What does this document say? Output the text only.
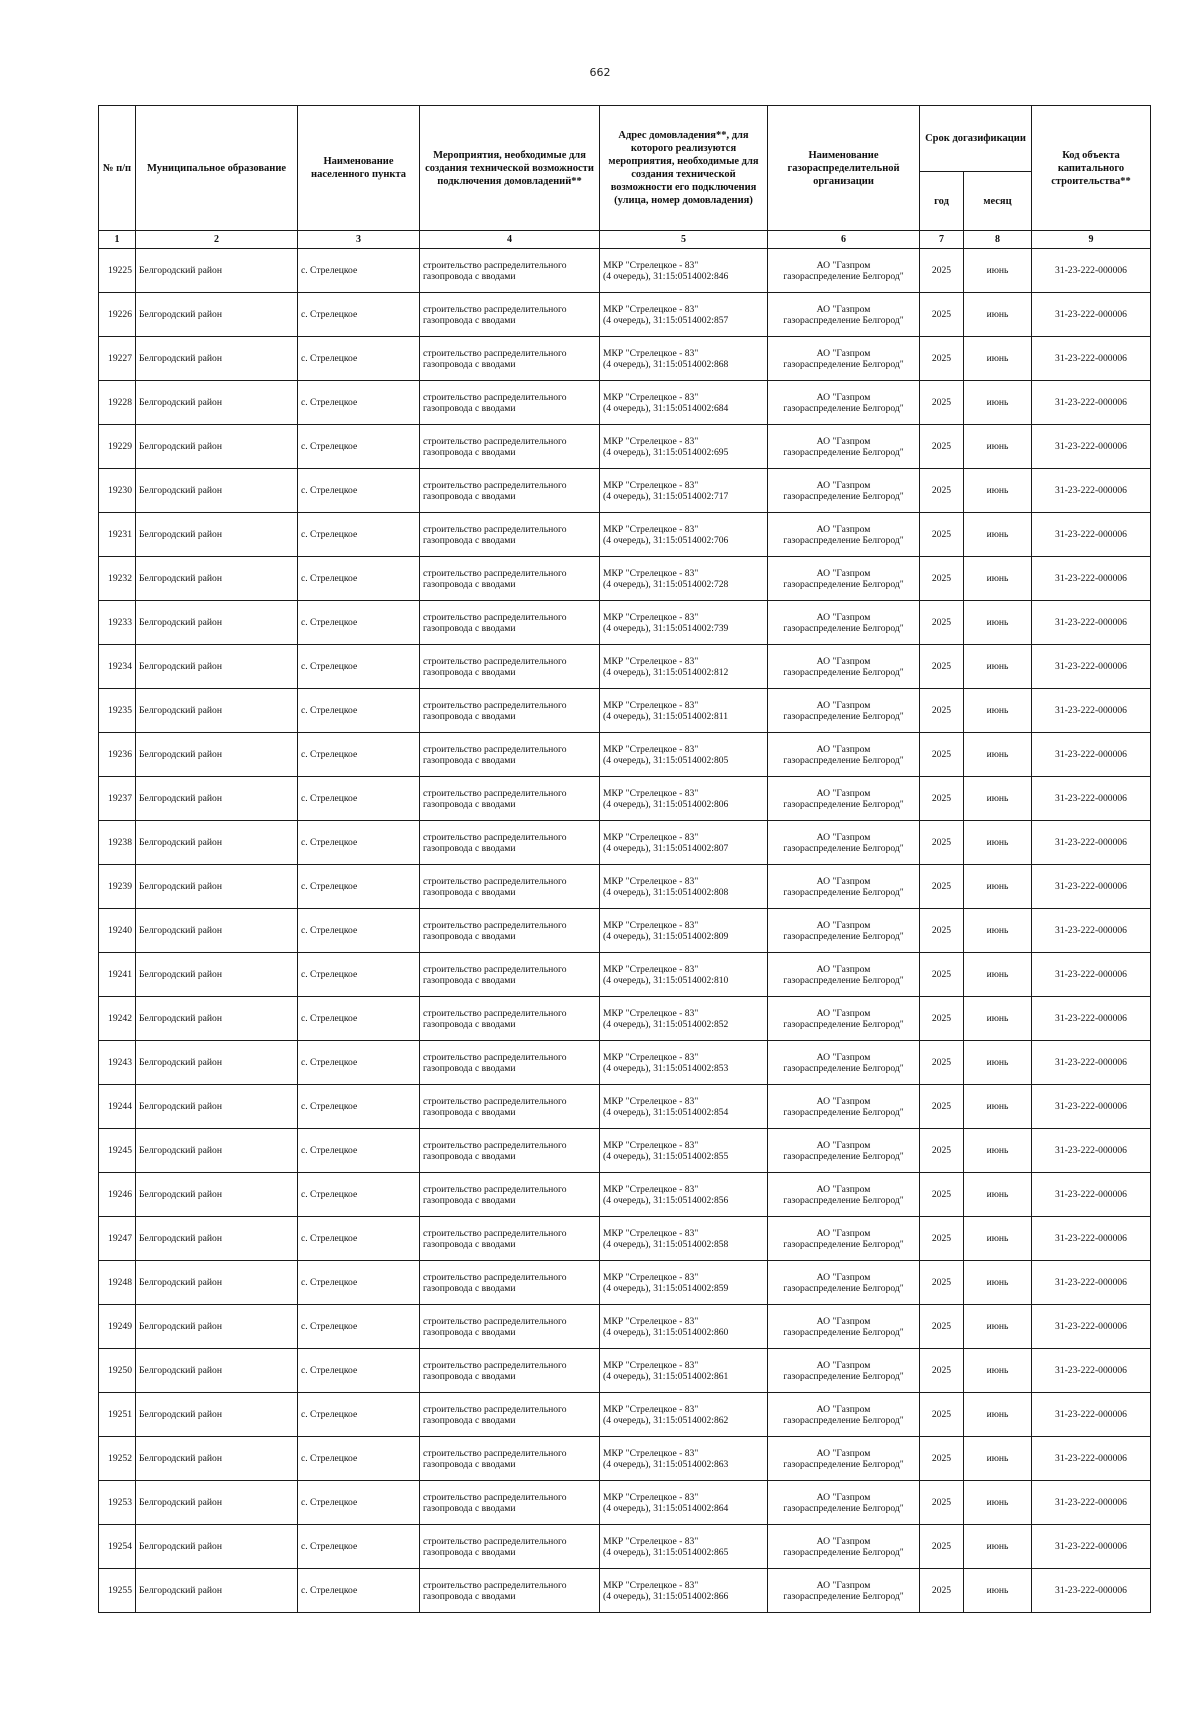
662
№ п/п	Муниципальное образование	Наименование населенного пункта	Мероприятия, необходимые для создания технической возможности подключения домовладений**	Адрес домовладения**, для которого реализуются мероприятия, необходимые для создания технической возможности его подключения (улица, номер домовладения)	Наименование газораспределительной организации	Срок догазификации		Код объекта капитального строительства**
						год	месяц	
1	2	3	4	5	6	7	8	9
19225	Белгородский район	с. Стрелецкое	строительство распределительного газопровода с вводами	МКР "Стрелецкое - 83"
(4 очередь), 31:15:0514002:846	АО "Газпром
газораспределение Белгород"	2025	июнь	31-23-222-000006
19226	Белгородский район	с. Стрелецкое	строительство распределительного газопровода с вводами	МКР "Стрелецкое - 83"
(4 очередь), 31:15:0514002:857	АО "Газпром
газораспределение Белгород"	2025	июнь	31-23-222-000006
19227	Белгородский район	с. Стрелецкое	строительство распределительного газопровода с вводами	МКР "Стрелецкое - 83"
(4 очередь), 31:15:0514002:868	АО "Газпром
газораспределение Белгород"	2025	июнь	31-23-222-000006
19228	Белгородский район	с. Стрелецкое	строительство распределительного газопровода с вводами	МКР "Стрелецкое - 83"
(4 очередь), 31:15:0514002:684	АО "Газпром
газораспределение Белгород"	2025	июнь	31-23-222-000006
19229	Белгородский район	с. Стрелецкое	строительство распределительного газопровода с вводами	МКР "Стрелецкое - 83"
(4 очередь), 31:15:0514002:695	АО "Газпром
газораспределение Белгород"	2025	июнь	31-23-222-000006
19230	Белгородский район	с. Стрелецкое	строительство распределительного газопровода с вводами	МКР "Стрелецкое - 83"
(4 очередь), 31:15:0514002:717	АО "Газпром
газораспределение Белгород"	2025	июнь	31-23-222-000006
19231	Белгородский район	с. Стрелецкое	строительство распределительного газопровода с вводами	МКР "Стрелецкое - 83"
(4 очередь), 31:15:0514002:706	АО "Газпром
газораспределение Белгород"	2025	июнь	31-23-222-000006
19232	Белгородский район	с. Стрелецкое	строительство распределительного газопровода с вводами	МКР "Стрелецкое - 83"
(4 очередь), 31:15:0514002:728	АО "Газпром
газораспределение Белгород"	2025	июнь	31-23-222-000006
19233	Белгородский район	с. Стрелецкое	строительство распределительного газопровода с вводами	МКР "Стрелецкое - 83"
(4 очередь), 31:15:0514002:739	АО "Газпром
газораспределение Белгород"	2025	июнь	31-23-222-000006
19234	Белгородский район	с. Стрелецкое	строительство распределительного газопровода с вводами	МКР "Стрелецкое - 83"
(4 очередь), 31:15:0514002:812	АО "Газпром
газораспределение Белгород"	2025	июнь	31-23-222-000006
19235	Белгородский район	с. Стрелецкое	строительство распределительного газопровода с вводами	МКР "Стрелецкое - 83"
(4 очередь), 31:15:0514002:811	АО "Газпром
газораспределение Белгород"	2025	июнь	31-23-222-000006
19236	Белгородский район	с. Стрелецкое	строительство распределительного газопровода с вводами	МКР "Стрелецкое - 83"
(4 очередь), 31:15:0514002:805	АО "Газпром
газораспределение Белгород"	2025	июнь	31-23-222-000006
19237	Белгородский район	с. Стрелецкое	строительство распределительного газопровода с вводами	МКР "Стрелецкое - 83"
(4 очередь), 31:15:0514002:806	АО "Газпром
газораспределение Белгород"	2025	июнь	31-23-222-000006
19238	Белгородский район	с. Стрелецкое	строительство распределительного газопровода с вводами	МКР "Стрелецкое - 83"
(4 очередь), 31:15:0514002:807	АО "Газпром
газораспределение Белгород"	2025	июнь	31-23-222-000006
19239	Белгородский район	с. Стрелецкое	строительство распределительного газопровода с вводами	МКР "Стрелецкое - 83"
(4 очередь), 31:15:0514002:808	АО "Газпром
газораспределение Белгород"	2025	июнь	31-23-222-000006
19240	Белгородский район	с. Стрелецкое	строительство распределительного газопровода с вводами	МКР "Стрелецкое - 83"
(4 очередь), 31:15:0514002:809	АО "Газпром
газораспределение Белгород"	2025	июнь	31-23-222-000006
19241	Белгородский район	с. Стрелецкое	строительство распределительного газопровода с вводами	МКР "Стрелецкое - 83"
(4 очередь), 31:15:0514002:810	АО "Газпром
газораспределение Белгород"	2025	июнь	31-23-222-000006
19242	Белгородский район	с. Стрелецкое	строительство распределительного газопровода с вводами	МКР "Стрелецкое - 83"
(4 очередь), 31:15:0514002:852	АО "Газпром
газораспределение Белгород"	2025	июнь	31-23-222-000006
19243	Белгородский район	с. Стрелецкое	строительство распределительного газопровода с вводами	МКР "Стрелецкое - 83"
(4 очередь), 31:15:0514002:853	АО "Газпром
газораспределение Белгород"	2025	июнь	31-23-222-000006
19244	Белгородский район	с. Стрелецкое	строительство распределительного газопровода с вводами	МКР "Стрелецкое - 83"
(4 очередь), 31:15:0514002:854	АО "Газпром
газораспределение Белгород"	2025	июнь	31-23-222-000006
19245	Белгородский район	с. Стрелецкое	строительство распределительного газопровода с вводами	МКР "Стрелецкое - 83"
(4 очередь), 31:15:0514002:855	АО "Газпром
газораспределение Белгород"	2025	июнь	31-23-222-000006
19246	Белгородский район	с. Стрелецкое	строительство распределительного газопровода с вводами	МКР "Стрелецкое - 83"
(4 очередь), 31:15:0514002:856	АО "Газпром
газораспределение Белгород"	2025	июнь	31-23-222-000006
19247	Белгородский район	с. Стрелецкое	строительство распределительного газопровода с вводами	МКР "Стрелецкое - 83"
(4 очередь), 31:15:0514002:858	АО "Газпром
газораспределение Белгород"	2025	июнь	31-23-222-000006
19248	Белгородский район	с. Стрелецкое	строительство распределительного газопровода с вводами	МКР "Стрелецкое - 83"
(4 очередь), 31:15:0514002:859	АО "Газпром
газораспределение Белгород"	2025	июнь	31-23-222-000006
19249	Белгородский район	с. Стрелецкое	строительство распределительного газопровода с вводами	МКР "Стрелецкое - 83"
(4 очередь), 31:15:0514002:860	АО "Газпром
газораспределение Белгород"	2025	июнь	31-23-222-000006
19250	Белгородский район	с. Стрелецкое	строительство распределительного газопровода с вводами	МКР "Стрелецкое - 83"
(4 очередь), 31:15:0514002:861	АО "Газпром
газораспределение Белгород"	2025	июнь	31-23-222-000006
19251	Белгородский район	с. Стрелецкое	строительство распределительного газопровода с вводами	МКР "Стрелецкое - 83"
(4 очередь), 31:15:0514002:862	АО "Газпром
газораспределение Белгород"	2025	июнь	31-23-222-000006
19252	Белгородский район	с. Стрелецкое	строительство распределительного газопровода с вводами	МКР "Стрелецкое - 83"
(4 очередь), 31:15:0514002:863	АО "Газпром
газораспределение Белгород"	2025	июнь	31-23-222-000006
19253	Белгородский район	с. Стрелецкое	строительство распределительного газопровода с вводами	МКР "Стрелецкое - 83"
(4 очередь), 31:15:0514002:864	АО "Газпром
газораспределение Белгород"	2025	июнь	31-23-222-000006
19254	Белгородский район	с. Стрелецкое	строительство распределительного газопровода с вводами	МКР "Стрелецкое - 83"
(4 очередь), 31:15:0514002:865	АО "Газпром
газораспределение Белгород"	2025	июнь	31-23-222-000006
19255	Белгородский район	с. Стрелецкое	строительство распределительного газопровода с вводами	МКР "Стрелецкое - 83"
(4 очередь), 31:15:0514002:866	АО "Газпром
газораспределение Белгород"	2025	июнь	31-23-222-000006
